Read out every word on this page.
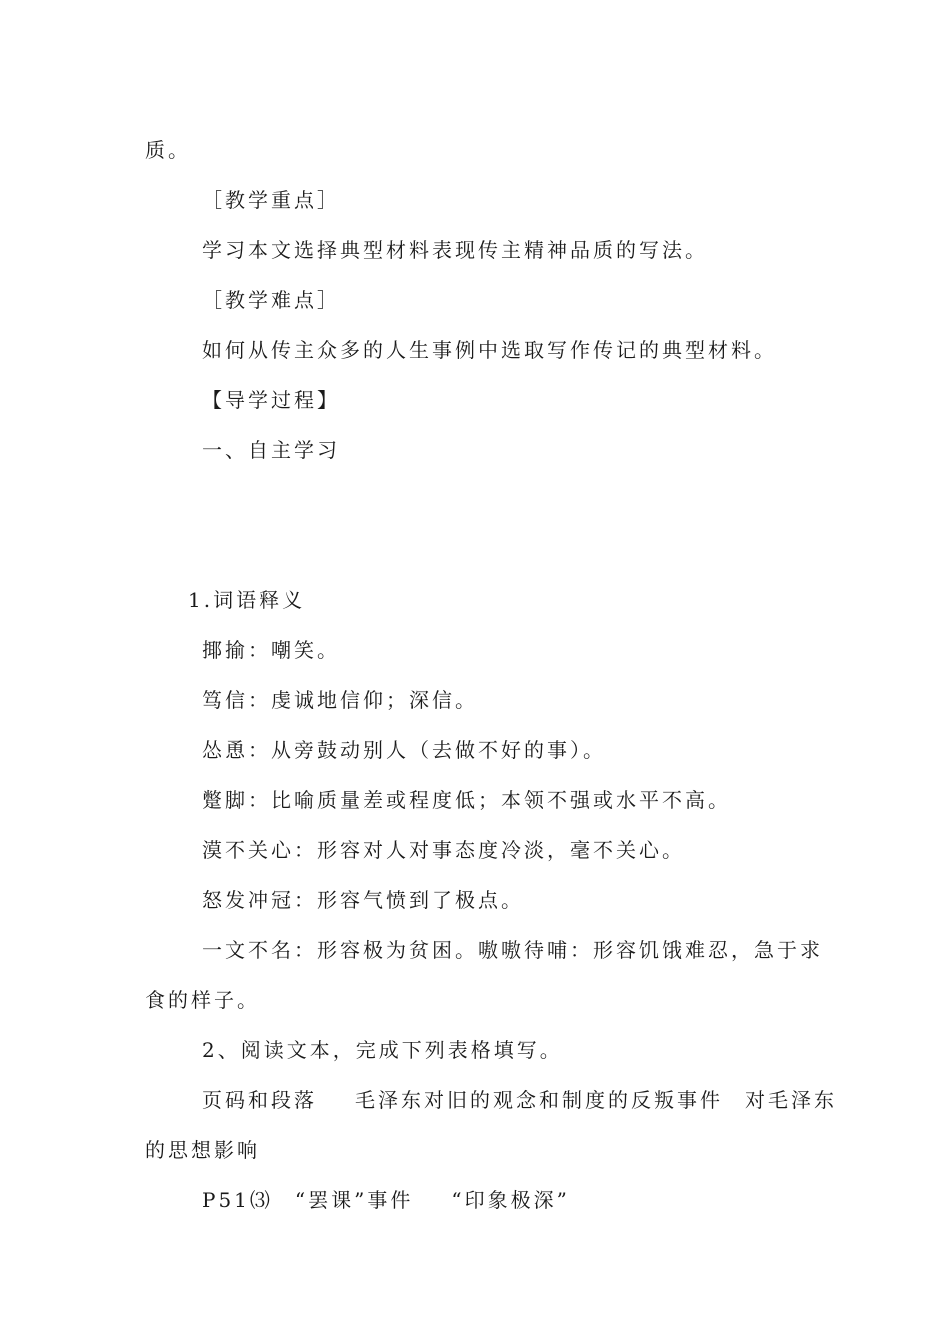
质。
［教学重点］
学习本文选择典型材料表现传主精神品质的写法。
［教学难点］
如何从传主众多的人生事例中选取写作传记的典型材料。
【导学过程】
一、自主学习
1.词语释义
揶揄：嘲笑。
笃信：虔诚地信仰；深信。
怂恿：从旁鼓动别人（去做不好的事）。
蹩脚：比喻质量差或程度低；本领不强或水平不高。
漠不关心：形容对人对事态度冷淡，毫不关心。
怒发冲冠：形容气愤到了极点。
一文不名：形容极为贫困。嗷嗷待哺：形容饥饿难忍，急于求
食的样子。
2、阅读文本，完成下列表格填写。
页码和段落 毛泽东对旧的观念和制度的反叛事件 对毛泽东
的思想影响
P51⑶ “罢课”事件 “印象极深”
